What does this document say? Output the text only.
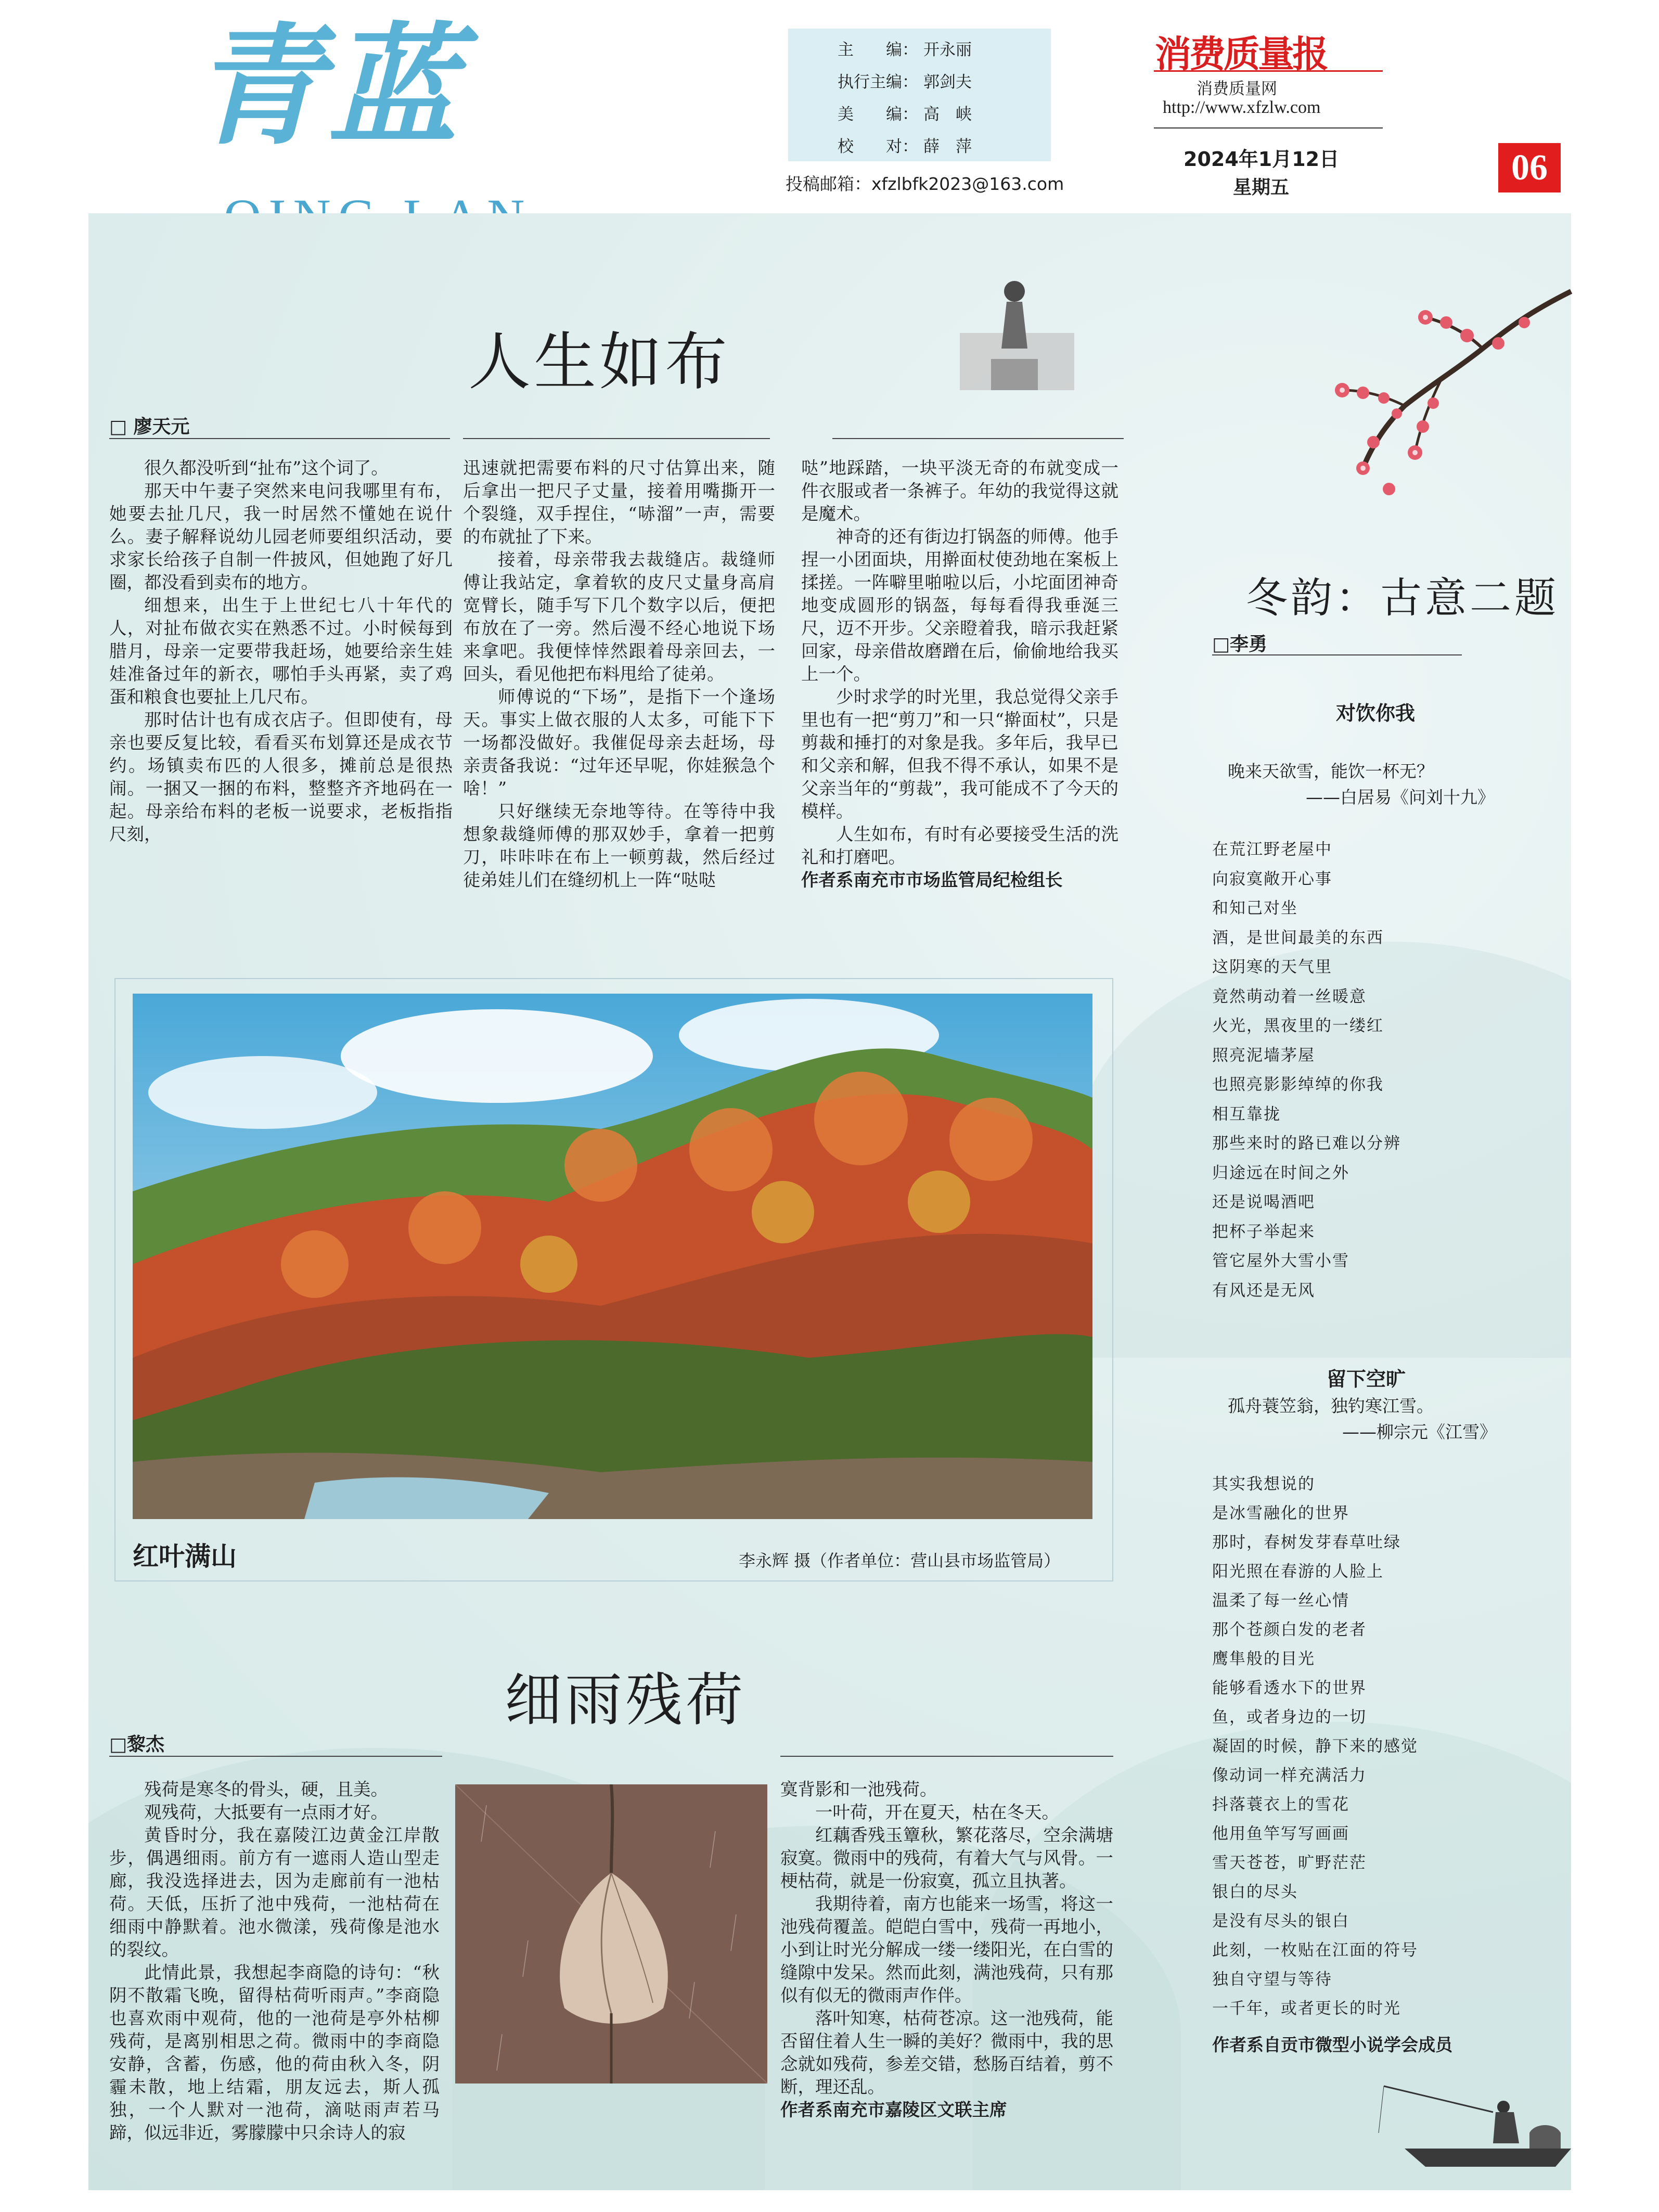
青蓝	主　　编： 开永丽
执行主编： 郭剑夫
美　　编： 高　峡
校　　对： 薛　萍
投稿邮箱：xfzlbfk2023@163.com
消费质量报
消费质量网
http://www.xfzlw.com
2024年1月12日
星期五	06
人生如布
□ 廖天元

很久都没听到“扯布”这个词了。

那天中午妻子突然来电问我哪里有布，她要去扯几尺，我一时居然不懂她在说什么。妻子解释说幼儿园老师要组织活动，要求家长给孩子自制一件披风，但她跑了好几圈，都没看到卖布的地方。

细想来，出生于上世纪七八十年代的人，对扯布做衣实在熟悉不过。小时候每到腊月，母亲一定要带我赶场，她要给亲生娃娃准备过年的新衣，哪怕手头再紧，卖了鸡蛋和粮食也要扯上几尺布。

那时估计也有成衣店子。但即使有，母亲也要反复比较，看看买布划算还是成衣节约。场镇卖布匹的人很多，摊前总是很热闹。一捆又一捆的布料，整整齐齐地码在一起。母亲给布料的老板一说要求，老板指指尺刻，

迅速就把需要布料的尺寸估算出来，随后拿出一把尺子丈量，接着用嘴撕开一个裂缝，双手捏住，“哧溜”一声，需要的布就扯了下来。

接着，母亲带我去裁缝店。裁缝师傅让我站定，拿着软的皮尺丈量身高肩宽臂长，随手写下几个数字以后，便把布放在了一旁。然后漫不经心地说下场来拿吧。我便悻悻然跟着母亲回去，一回头，看见他把布料甩给了徒弟。

师傅说的“下场”，是指下一个逢场天。事实上做衣服的人太多，可能下下一场都没做好。我催促母亲去赶场，母亲责备我说：“过年还早呢，你娃猴急个啥！”

只好继续无奈地等待。在等待中我想象裁缝师傅的那双妙手，拿着一把剪刀，咔咔咔在布上一顿剪裁，然后经过徒弟娃儿们在缝纫机上一阵“哒哒

哒”地踩踏，一块平淡无奇的布就变成一件衣服或者一条裤子。年幼的我觉得这就是魔术。

神奇的还有街边打锅盔的师傅。他手捏一小团面块，用擀面杖使劲地在案板上揉搓。一阵噼里啪啦以后，小坨面团神奇地变成圆形的锅盔，每每看得我垂涎三尺，迈不开步。父亲瞪着我，暗示我赶紧回家，母亲借故磨蹭在后，偷偷地给我买上一个。

少时求学的时光里，我总觉得父亲手里也有一把“剪刀”和一只“擀面杖”，只是剪裁和捶打的对象是我。多年后，我早已和父亲和解，但我不得不承认，如果不是父亲当年的“剪裁”，我可能成不了今天的模样。

人生如布，有时有必要接受生活的洗礼和打磨吧。

作者系南充市市场监管局纪检组长

红叶满山	李永辉 摄（作者单位：营山县市场监管局）
细雨残荷
□黎杰

残荷是寒冬的骨头，硬，且美。

观残荷，大抵要有一点雨才好。

黄昏时分，我在嘉陵江边黄金江岸散步，偶遇细雨。前方有一遮雨人造山型走廊，我没选择进去，因为走廊前有一池枯荷。天低，压折了池中残荷，一池枯荷在细雨中静默着。池水微漾，残荷像是池水的裂纹。

此情此景，我想起李商隐的诗句：“秋阴不散霜飞晚，留得枯荷听雨声。”李商隐也喜欢雨中观荷，他的一池荷是亭外枯柳残荷，是离别相思之荷。微雨中的李商隐安静，含蓄，伤感，他的荷由秋入冬，阴霾未散，地上结霜，朋友远去，斯人孤独，一个人默对一池荷，滴哒雨声若马蹄，似远非近，雾朦朦中只余诗人的寂

寞背影和一池残荷。

一叶荷，开在夏天，枯在冬天。

红藕香残玉簟秋，繁花落尽，空余满塘寂寞。微雨中的残荷，有着大气与风骨。一梗枯荷，就是一份寂寞，孤立且执著。

我期待着，南方也能来一场雪，将这一池残荷覆盖。皑皑白雪中，残荷一再地小，小到让时光分解成一缕一缕阳光，在白雪的缝隙中发呆。然而此刻，满池残荷，只有那似有似无的微雨声作伴。

落叶知寒，枯荷苍凉。这一池残荷，能否留住着人生一瞬的美好？微雨中，我的思念就如残荷，参差交错，愁肠百结着，剪不断，理还乱。

作者系南充市嘉陵区文联主席

冬韵：古意二题
□李勇
对饮你我
晚来天欲雪，能饮一杯无？
——白居易《问刘十九》
在荒江野老屋中
向寂寞敞开心事
和知己对坐
酒，是世间最美的东西
这阴寒的天气里
竟然萌动着一丝暖意
火光，黑夜里的一缕红
照亮泥墙茅屋
也照亮影影绰绰的你我
相互靠拢
那些来时的路已难以分辨
归途远在时间之外
还是说喝酒吧
把杯子举起来
管它屋外大雪小雪
有风还是无风
留下空旷
孤舟蓑笠翁，独钓寒江雪。
——柳宗元《江雪》
其实我想说的
是冰雪融化的世界
那时，春树发芽春草吐绿
阳光照在春游的人脸上
温柔了每一丝心情
那个苍颜白发的老者
鹰隼般的目光
能够看透水下的世界
鱼，或者身边的一切
凝固的时候，静下来的感觉
像动词一样充满活力
抖落蓑衣上的雪花
他用鱼竿写写画画
雪天苍苍，旷野茫茫
银白的尽头
是没有尽头的银白
此刻，一枚贴在江面的符号
独自守望与等待
一千年，或者更长的时光
作者系自贡市微型小说学会成员
